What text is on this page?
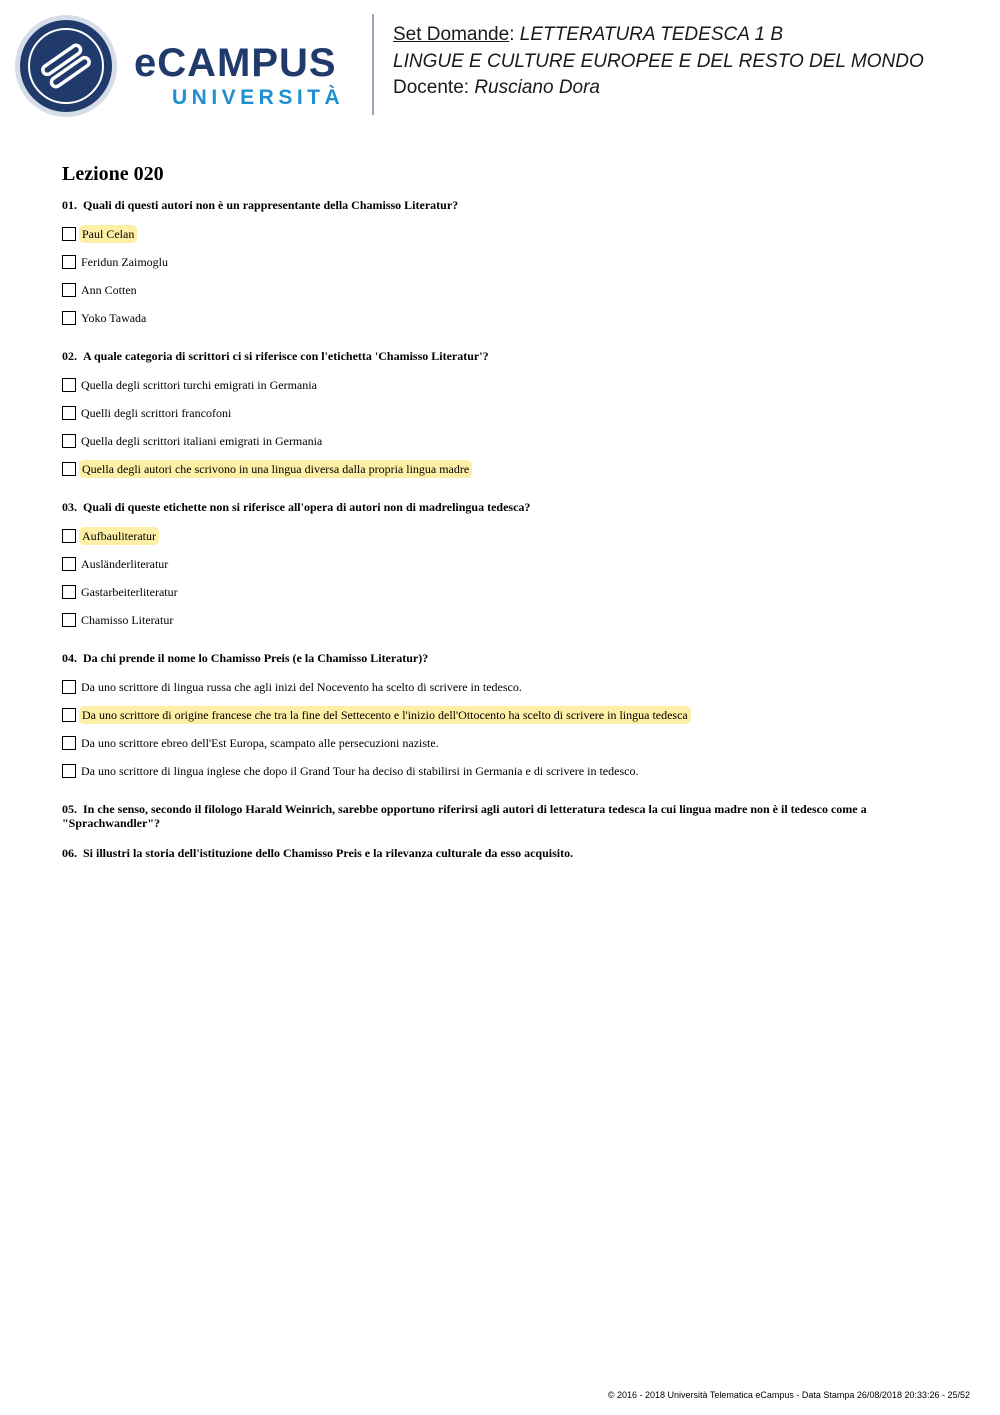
eCAMPUS
UNIVERSITÀ
Set Domande: LETTERATURA TEDESCA 1 B
LINGUE E CULTURE EUROPEE E DEL RESTO DEL MONDO
Docente: Rusciano Dora
Lezione 020
01. Quali di questi autori non è un rappresentante della Chamisso Literatur?
Paul Celan
Feridun Zaimoglu
Ann Cotten
Yoko Tawada
02. A quale categoria di scrittori ci si riferisce con l'etichetta 'Chamisso Literatur'?
Quella degli scrittori turchi emigrati in Germania
Quelli degli scrittori francofoni
Quella degli scrittori italiani emigrati in Germania
Quella degli autori che scrivono in una lingua diversa dalla propria lingua madre
03. Quali di queste etichette non si riferisce all'opera di autori non di madrelingua tedesca?
Aufbauliteratur
Ausländerliteratur
Gastarbeiterliteratur
Chamisso Literatur
04. Da chi prende il nome lo Chamisso Preis (e la Chamisso Literatur)?
Da uno scrittore di lingua russa che agli inizi del Nocevento ha scelto di scrivere in tedesco.
Da uno scrittore di origine francese che tra la fine del Settecento e l'inizio dell'Ottocento ha scelto di scrivere in lingua tedesca
Da uno scrittore ebreo dell'Est Europa, scampato alle persecuzioni naziste.
Da uno scrittore di lingua inglese che dopo il Grand Tour ha deciso di stabilirsi in Germania e di scrivere in tedesco.
05. In che senso, secondo il filologo Harald Weinrich, sarebbe opportuno riferirsi agli autori di letteratura tedesca la cui lingua madre non è il tedesco come a "Sprachwandler"?
06. Si illustri la storia dell'istituzione dello Chamisso Preis e la rilevanza culturale da esso acquisito.
© 2016 - 2018 Università Telematica eCampus - Data Stampa 26/08/2018 20:33:26 - 25/52
